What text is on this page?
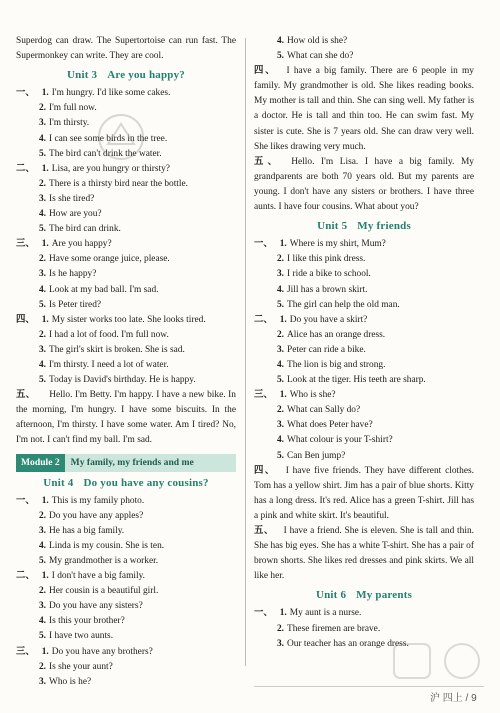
Superdog can draw. The Supertortoise can run fast. The Supermonkey can write. They are cool.

Unit 3 Are you happy?

一、 1. I'm hungry. I'd like some cakes.

2. I'm full now.

3. I'm thirsty.

4. I can see some birds in the tree.

5. The bird can't drink the water.

二、 1. Lisa, are you hungry or thirsty?

2. There is a thirsty bird near the bottle.

3. Is she tired?

4. How are you?

5. The bird can drink.

三、 1. Are you happy?

2. Have some orange juice, please.

3. Is he happy?

4. Look at my bad ball. I'm sad.

5. Is Peter tired?

四、 1. My sister works too late. She looks tired.

2. I had a lot of food. I'm full now.

3. The girl's skirt is broken. She is sad.

4. I'm thirsty. I need a lot of water.

5. Today is David's birthday. He is happy.

五、 Hello. I'm Betty. I'm happy. I have a new bike. In the morning, I'm hungry. I have some biscuits. In the afternoon, I'm thirsty. I have some water. Am I tired? No, I'm not. I can't find my ball. I'm sad.

Module 2	My family, my friends and me
Unit 4 Do you have any cousins?

一、 1. This is my family photo.

2. Do you have any apples?

3. He has a big family.

4. Linda is my cousin. She is ten.

5. My grandmother is a worker.

二、 1. I don't have a big family.

2. Her cousin is a beautiful girl.

3. Do you have any sisters?

4. Is this your brother?

5. I have two aunts.

三、 1. Do you have any brothers?

2. Is she your aunt?

3. Who is he?

4. How old is she?

5. What can she do?

四、 I have a big family. There are 6 people in my family. My grandmother is old. She likes reading books. My mother is tall and thin. She can sing well. My father is a doctor. He is tall and thin too. He can swim fast. My sister is cute. She is 7 years old. She can draw very well. She likes drawing very much.

五、 Hello. I'm Lisa. I have a big family. My grandparents are both 70 years old. But my parents are young. I don't have any sisters or brothers. I have three aunts. I have four cousins. What about you?

Unit 5 My friends

一、 1. Where is my shirt, Mum?

2. I like this pink dress.

3. I ride a bike to school.

4. Jill has a brown skirt.

5. The girl can help the old man.

二、 1. Do you have a skirt?

2. Alice has an orange dress.

3. Peter can ride a bike.

4. The lion is big and strong.

5. Look at the tiger. His teeth are sharp.

三、 1. Who is she?

2. What can Sally do?

3. What does Peter have?

4. What colour is your T-shirt?

5. Can Ben jump?

四、 I have five friends. They have different clothes. Tom has a yellow shirt. Jim has a pair of blue shorts. Kitty has a long dress. It's red. Alice has a green T-shirt. Jill has a pink and white skirt. It's beautiful.

五、 I have a friend. She is eleven. She is tall and thin. She has big eyes. She has a white T-shirt. She has a pair of brown shorts. She likes red dresses and pink skirts. We all like her.

Unit 6 My parents

一、 1. My aunt is a nurse.

2. These firemen are brave.

3. Our teacher has an orange dress.

沪 四上 / 9
